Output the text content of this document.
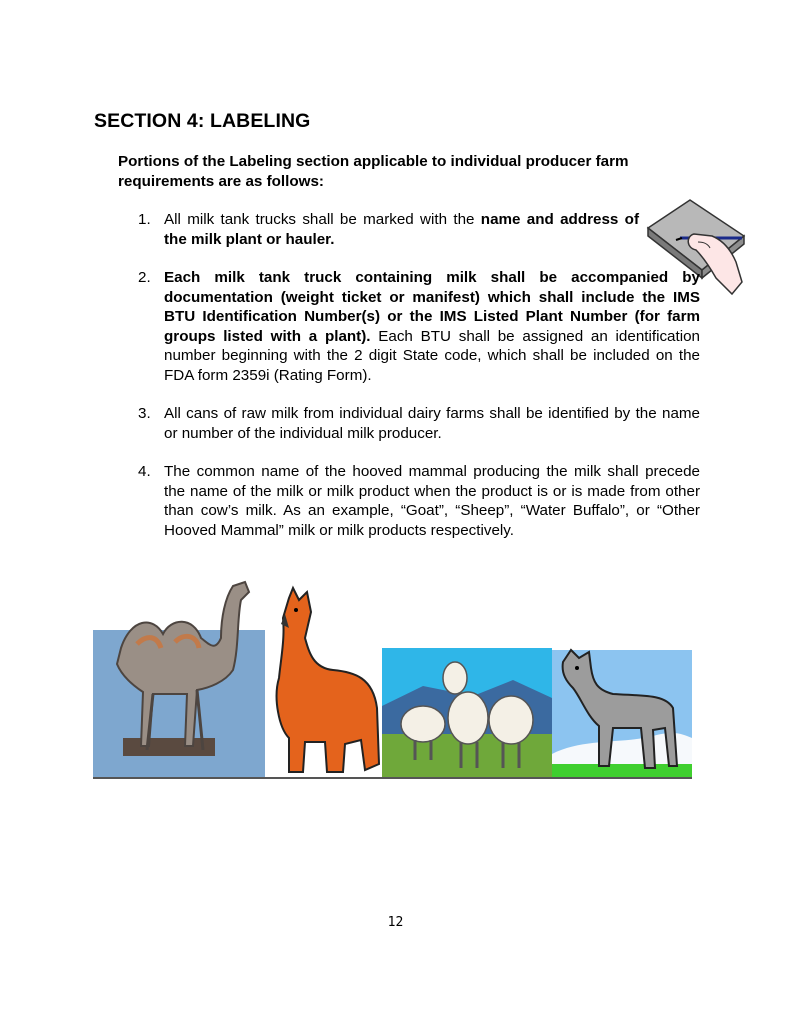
SECTION 4: LABELING

Portions of the Labeling section applicable to individual producer farm requirements are as follows:

1. All milk tank trucks shall be marked with the name and address of the milk plant or hauler.
2. Each milk tank truck containing milk shall be accompanied by documentation (weight ticket or manifest) which shall include the IMS BTU Identification Number(s) or the IMS Listed Plant Number (for farm groups listed with a plant). Each BTU shall be assigned an identification number beginning with the 2 digit State code, which shall be included on the FDA form 2359i (Rating Form).
3. All cans of raw milk from individual dairy farms shall be identified by the name or number of the individual milk producer.
4. The common name of the hooved mammal producing the milk shall precede the name of the milk or milk product when the product is or is made from other than cow’s milk. As an example, “Goat”, “Sheep”, “Water Buffalo”, or “Other Hooved Mammal” milk or milk products respectively.
12
